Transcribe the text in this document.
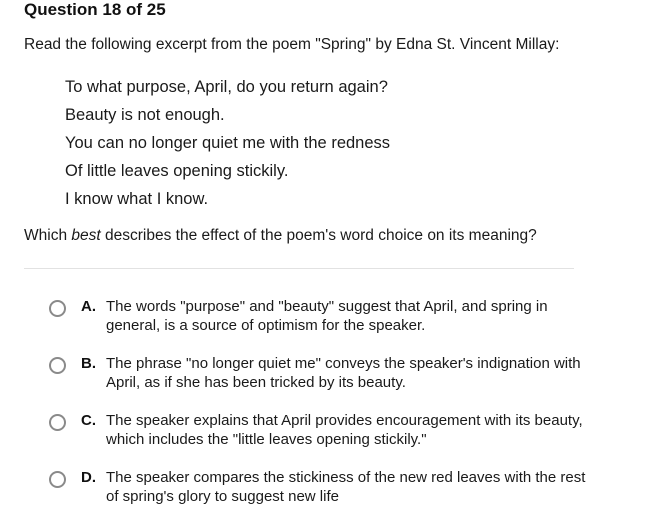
Question 18 of 25
Read the following excerpt from the poem "Spring" by Edna St. Vincent Millay:
To what purpose, April, do you return again?
Beauty is not enough.
You can no longer quiet me with the redness
Of little leaves opening stickily.
I know what I know.
Which best describes the effect of the poem's word choice on its meaning?
A. The words "purpose" and "beauty" suggest that April, and spring in general, is a source of optimism for the speaker.
B. The phrase "no longer quiet me" conveys the speaker's indignation with April, as if she has been tricked by its beauty.
C. The speaker explains that April provides encouragement with its beauty, which includes the "little leaves opening stickily."
D. The speaker compares the stickiness of the new red leaves with the rest of spring's glory to suggest new life
